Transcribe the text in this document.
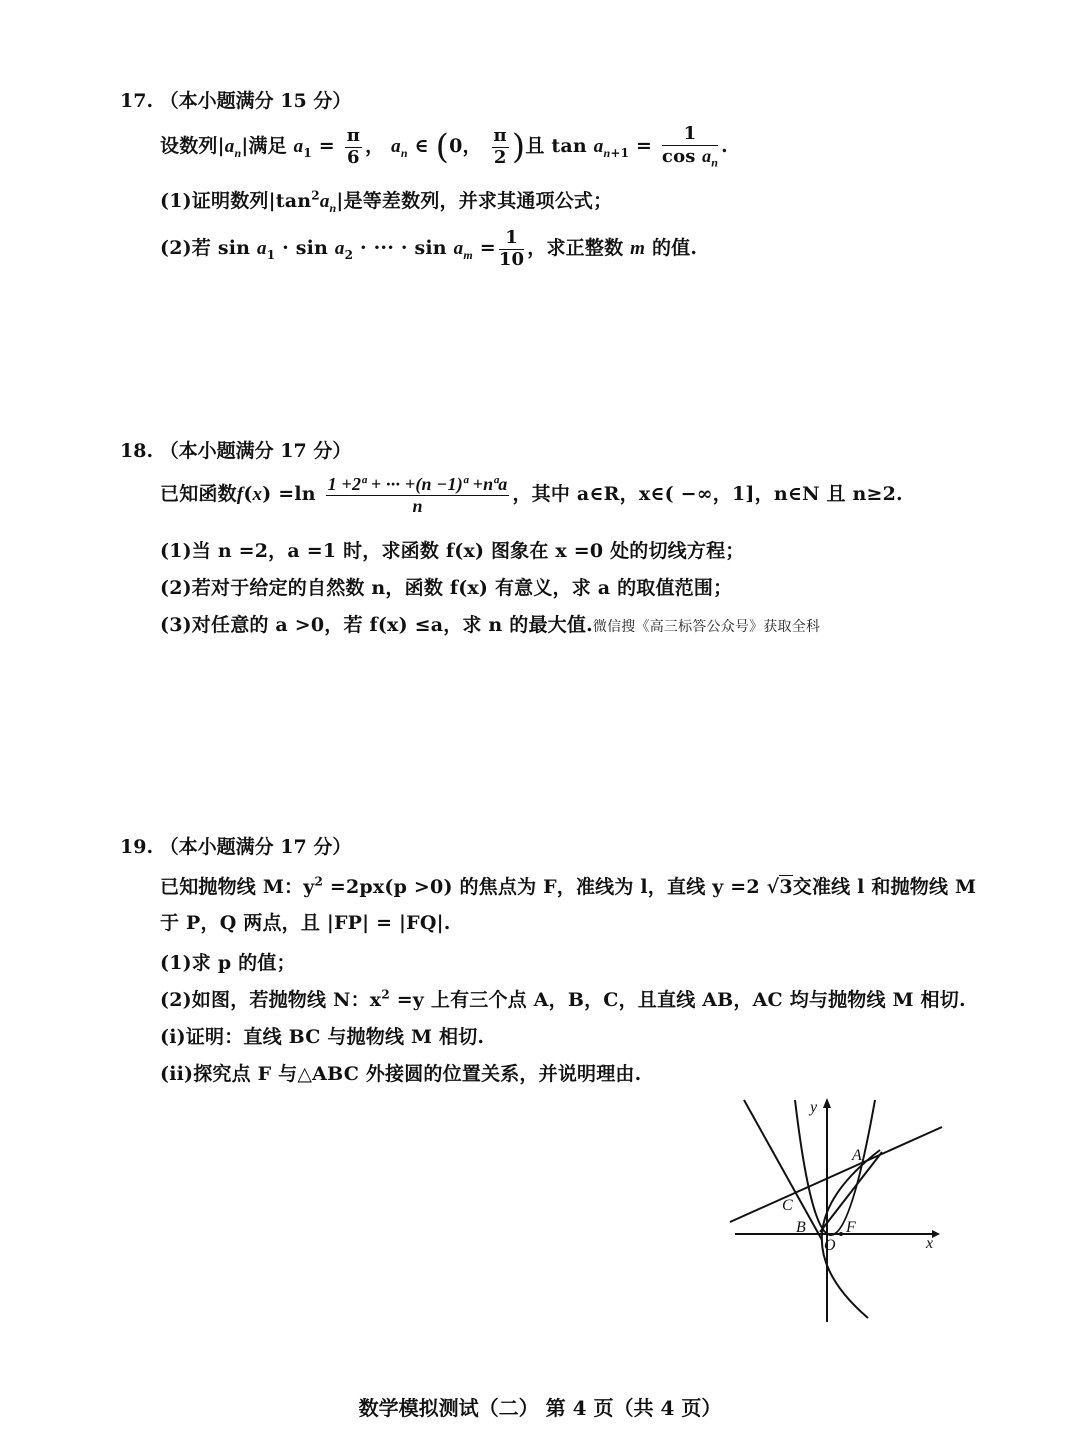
17. （本小题满分 15 分）
设数列$|a_n|$满足 $a_1 = \frac{\pi}{6}$ ， $a_n$ ∈ (0， $\frac{\pi}{2}$ )且 $\tan a_{n+1} = \frac{1}{\cos a_n}$ .
(1)证明数列$|\tan^2a_n|$是等差数列，并求其通项公式；
(2)若 $\sin a_1 \cdot \sin a_2$ · ··· · $\sin a_m = \frac{1}{10}$ ，求正整数 m 的值.
18. （本小题满分 17 分）
已知函数$f(x) =\ln \frac{\text{1 +2ª + ··· +(n −1)ª +nªa}}{n}$ ，其中 a∈R，x∈( −∞，1]，n∈N 且 n≥2.
(1)当 n =2，a =1 时，求函数 f(x) 图象在 x =0 处的切线方程；
(2)若对于给定的自然数 n，函数 f(x) 有意义，求 a 的取值范围；
(3)对任意的 a >0，若 f(x) ≤a，求 n 的最大值.微信搜《高三标答公众号》获取全科
19. （本小题满分 17 分）
已知抛物线 M：$y^2 =2px(p >0)$ 的焦点为 F，准线为 l，直线 y =2 √3交准线 l 和抛物线 M
于 P，Q 两点，且 |FP| = |FQ|.
(1)求 p 的值；
(2)如图，若抛物线 N：$x^2 =y$ 上有三个点 A，B，C，且直线 AB，AC 均与抛物线 M 相切.
(i)证明：直线 BC 与抛物线 M 相切.
(ii)探究点 F 与△ABC 外接圆的位置关系，并说明理由.
y
x
A
B
C
O
F
数学模拟测试（二） 第 4 页（共 4 页）
